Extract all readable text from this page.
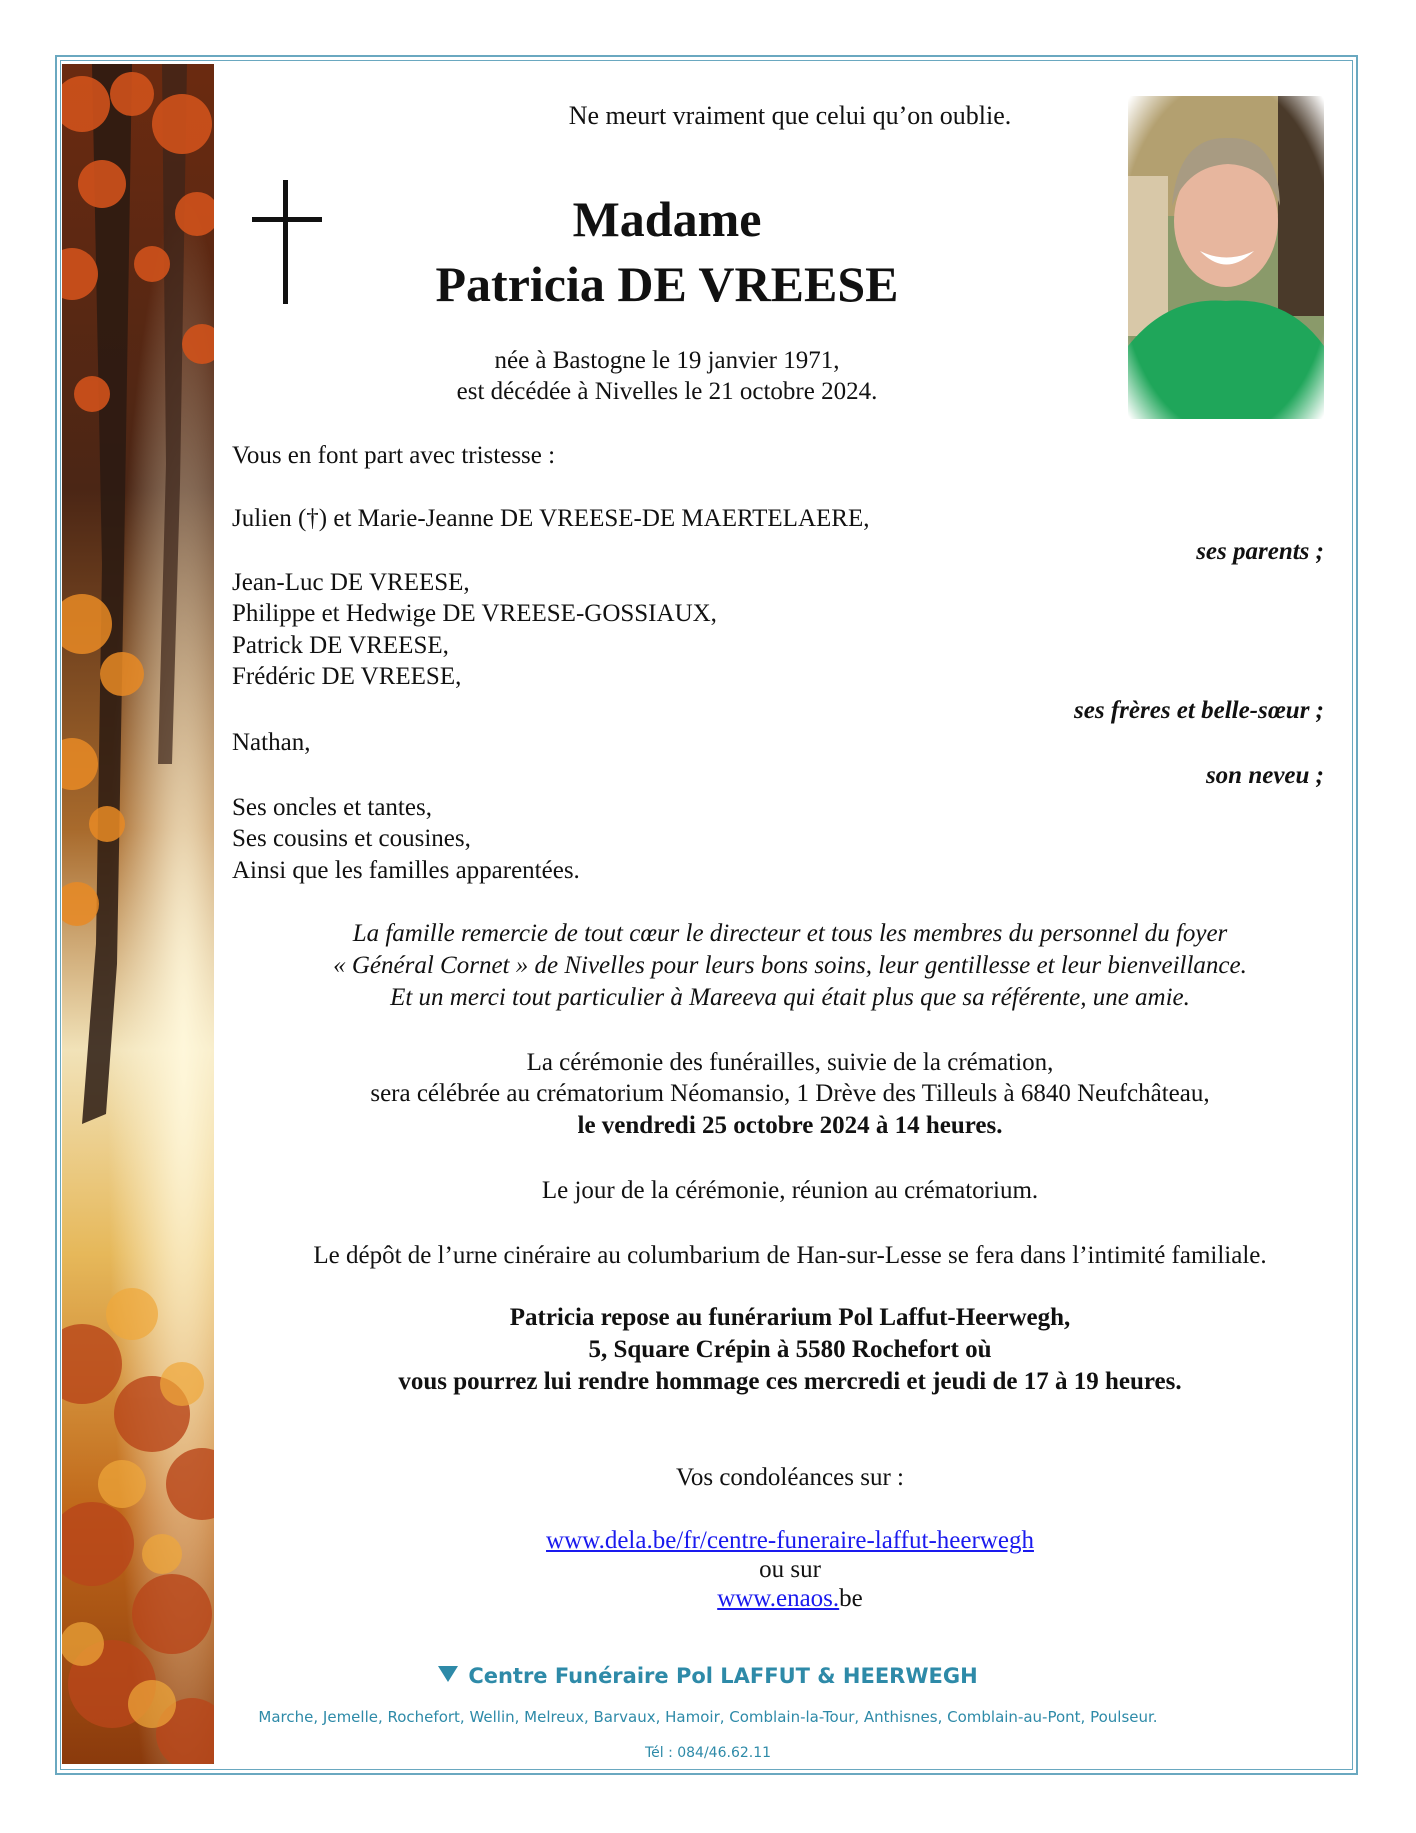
Ne meurt vraiment que celui qu’on oublie.

Madame

Patricia DE VREESE

née à Bastogne le 19 janvier 1971,

est décédée à Nivelles le 21 octobre 2024.

Vous en font part avec tristesse :

Julien (†) et Marie-Jeanne DE VREESE-DE MAERTELAERE,

ses parents ;

Jean-Luc DE VREESE,

Philippe et Hedwige DE VREESE-GOSSIAUX,

Patrick DE VREESE,

Frédéric DE VREESE,

ses frères et belle-sœur ;

Nathan,

son neveu ;

Ses oncles et tantes,

Ses cousins et cousines,

Ainsi que les familles apparentées.

La famille remercie de tout cœur le directeur et tous les membres du personnel du foyer

« Général Cornet » de Nivelles pour leurs bons soins, leur gentillesse et leur bienveillance.

Et un merci tout particulier à Mareeva qui était plus que sa référente, une amie.

La cérémonie des funérailles, suivie de la crémation,

sera célébrée au crématorium Néomansio, 1 Drève des Tilleuls à 6840 Neufchâteau,

le vendredi 25 octobre 2024 à 14 heures.

Le jour de la cérémonie, réunion au crématorium.

Le dépôt de l’urne cinéraire au columbarium de Han-sur-Lesse se fera dans l’intimité familiale.

Patricia repose au funérarium Pol Laffut-Heerwegh,

5, Square Crépin à 5580 Rochefort où

vous pourrez lui rendre hommage ces mercredi et jeudi de 17 à 19 heures.

Vos condoléances sur :

www.dela.be/fr/centre-funeraire-laffut-heerwegh

ou sur

www.enaos.be

Centre Funéraire Pol LAFFUT & HEERWEGH
Marche, Jemelle, Rochefort, Wellin, Melreux, Barvaux, Hamoir, Comblain-la-Tour, Anthisnes, Comblain-au-Pont, Poulseur.
Tél : 084/46.62.11
